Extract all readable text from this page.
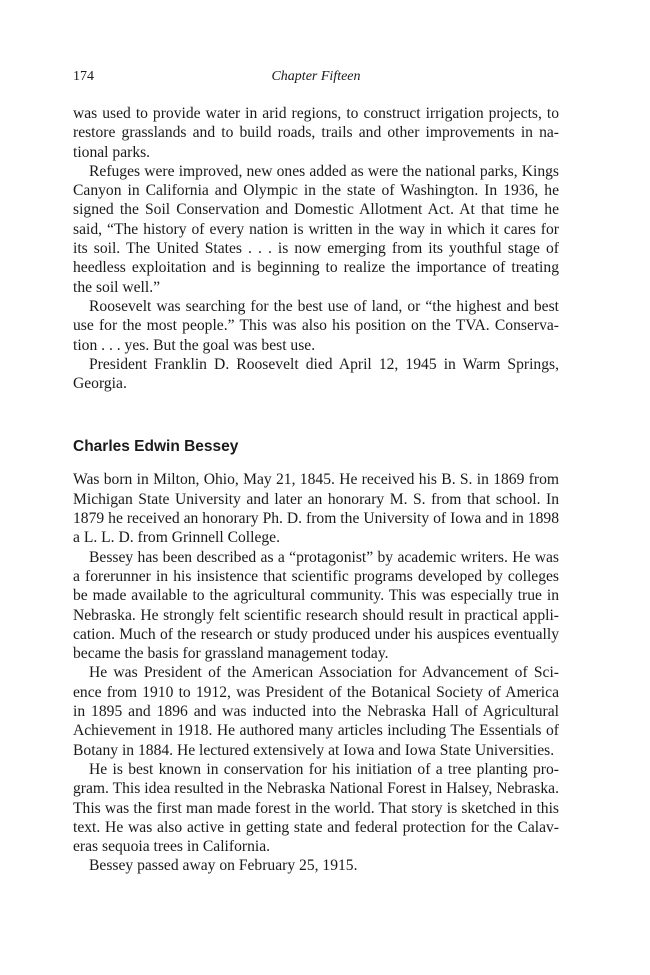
174	Chapter Fifteen

was used to provide water in arid regions, to construct irrigation projects, to restore grasslands and to build roads, trails and other improvements in national parks.

Refuges were improved, new ones added as were the national parks, Kings Canyon in California and Olympic in the state of Washington. In 1936, he signed the Soil Conservation and Domestic Allotment Act. At that time he said, “The history of every nation is written in the way in which it cares for its soil. The United States . . . is now emerging from its youthful stage of heedless exploitation and is beginning to realize the importance of treating the soil well.”

Roosevelt was searching for the best use of land, or “the highest and best use for the most people.” This was also his position on the TVA. Conservation . . . yes. But the goal was best use.

President Franklin D. Roosevelt died April 12, 1945 in Warm Springs, Georgia.

Charles Edwin Bessey

Was born in Milton, Ohio, May 21, 1845. He received his B. S. in 1869 from Michigan State University and later an honorary M. S. from that school. In 1879 he received an honorary Ph. D. from the University of Iowa and in 1898 a L. L. D. from Grinnell College.

Bessey has been described as a “protagonist” by academic writers. He was a forerunner in his insistence that scientific programs developed by colleges be made available to the agricultural community. This was especially true in Nebraska. He strongly felt scientific research should result in practical application. Much of the research or study produced under his auspices eventually became the basis for grassland management today.

He was President of the American Association for Advancement of Science from 1910 to 1912, was President of the Botanical Society of America in 1895 and 1896 and was inducted into the Nebraska Hall of Agricultural Achievement in 1918. He authored many articles including The Essentials of Botany in 1884. He lectured extensively at Iowa and Iowa State Universities.

He is best known in conservation for his initiation of a tree planting program. This idea resulted in the Nebraska National Forest in Halsey, Nebraska. This was the first man made forest in the world. That story is sketched in this text. He was also active in getting state and federal protection for the Calaveras sequoia trees in California.

Bessey passed away on February 25, 1915.
